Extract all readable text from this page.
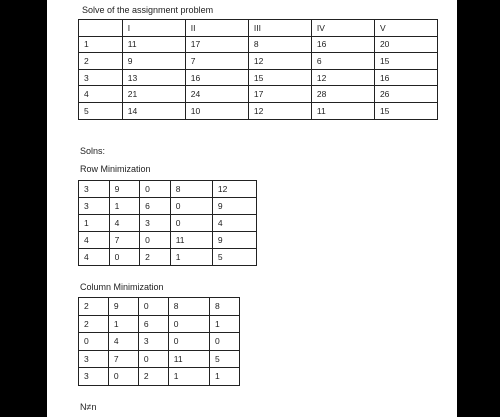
Solve of the assignment problem
	I	II	III	IV	V
1	11	17	8	16	20
2	9	7	12	6	15
3	13	16	15	12	16
4	21	24	17	28	26
5	14	10	12	11	15
Solns:
Row Minimization
3	9	0	8	12
3	1	6	0	9
1	4	3	0	4
4	7	0	11	9
4	0	2	1	5
Column Minimization
2	9	0	8	8
2	1	6	0	1
0	4	3	0	0
3	7	0	11	5
3	0	2	1	1
N≠n
